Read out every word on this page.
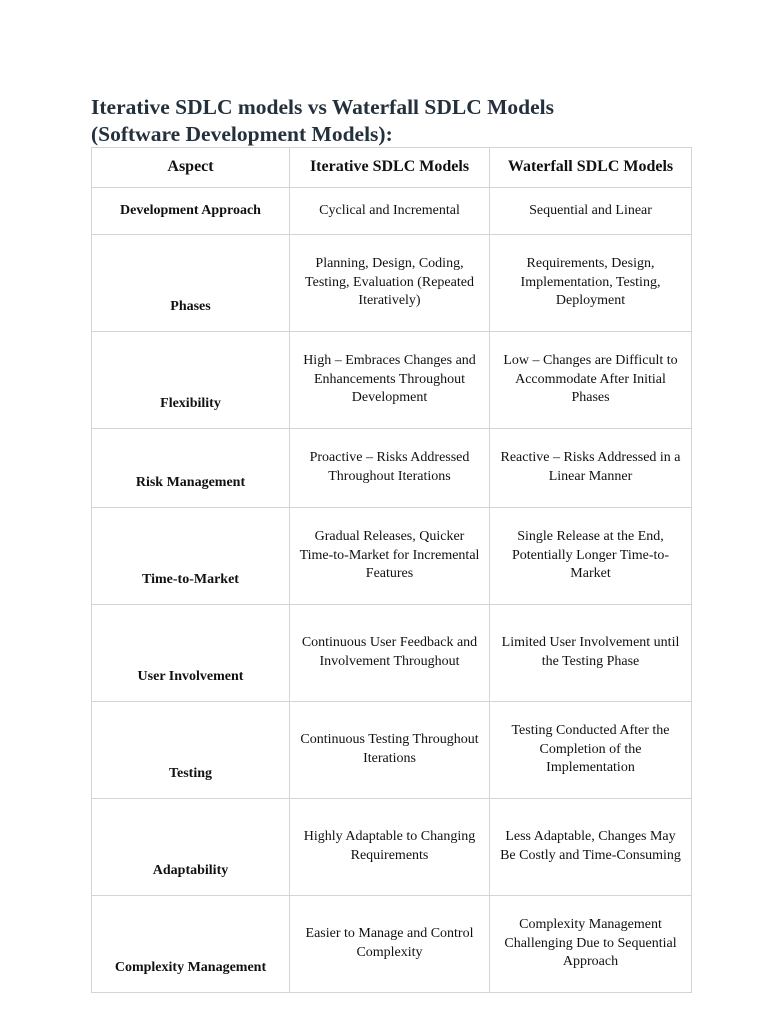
Iterative SDLC models vs Waterfall SDLC Models
(Software Development Models):
Aspect	Iterative SDLC Models	Waterfall SDLC Models
Development Approach	Cyclical and Incremental	Sequential and Linear
Phases	Planning, Design, Coding, Testing, Evaluation (Repeated Iteratively)	Requirements, Design, Implementation, Testing, Deployment
Flexibility	High – Embraces Changes and Enhancements Throughout Development	Low – Changes are Difficult to Accommodate After Initial Phases
Risk Management	Proactive – Risks Addressed Throughout Iterations	Reactive – Risks Addressed in a Linear Manner
Time-to-Market	Gradual Releases, Quicker Time-to-Market for Incremental Features	Single Release at the End, Potentially Longer Time-to-Market
User Involvement	Continuous User Feedback and Involvement Throughout	Limited User Involvement until the Testing Phase
Testing	Continuous Testing Throughout Iterations	Testing Conducted After the Completion of the Implementation
Adaptability	Highly Adaptable to Changing Requirements	Less Adaptable, Changes May Be Costly and Time-Consuming
Complexity Management	Easier to Manage and Control Complexity	Complexity Management Challenging Due to Sequential Approach
